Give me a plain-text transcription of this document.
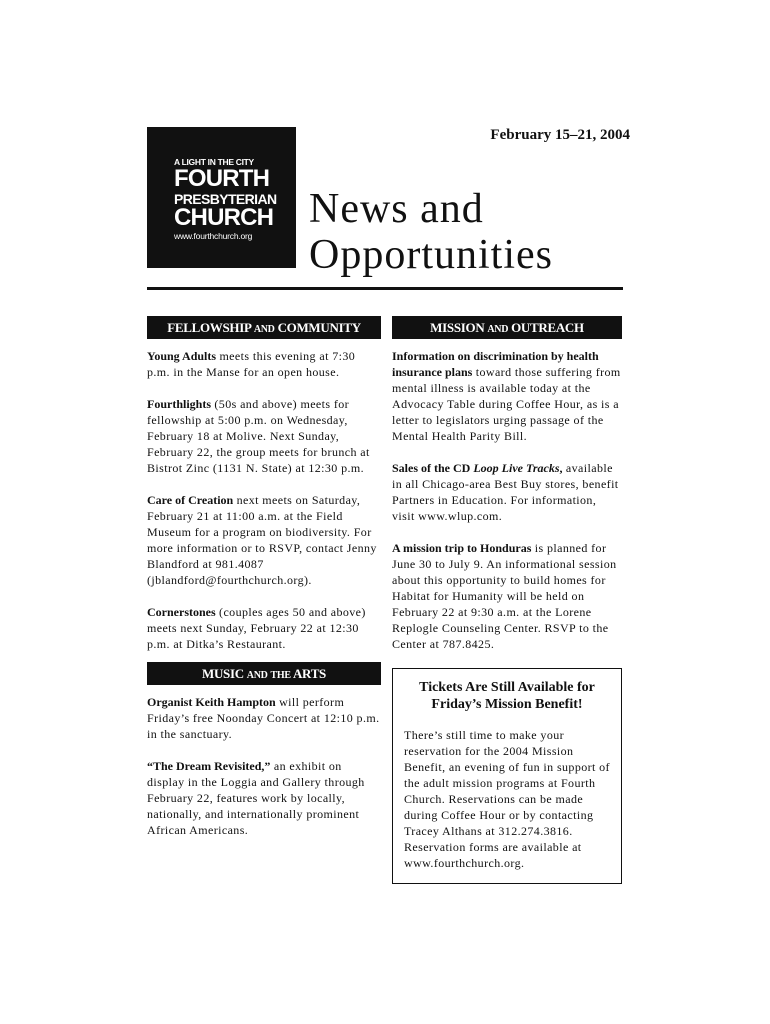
A LIGHT IN THE CITY
FOURTH
PRESBYTERIAN
CHURCH
www.fourthchurch.org
February 15–21, 2004
News and
Opportunities
FELLOWSHIP AND COMMUNITY

Young Adults meets this evening at 7:30 p.m. in the Manse for an open house.

Fourthlights (50s and above) meets for fellowship at 5:00 p.m. on Wednesday, February 18 at Molive. Next Sunday, February 22, the group meets for brunch at Bistrot Zinc (1131 N. State) at 12:30 p.m.

Care of Creation next meets on Saturday, February 21 at 11:00 a.m. at the Field Museum for a program on biodiversity. For more information or to RSVP, contact Jenny Blandford at 981.4087 (jblandford@fourthchurch.org).

Cornerstones (couples ages 50 and above) meets next Sunday, February 22 at 12:30 p.m. at Ditka’s Restaurant.

MUSIC AND THE ARTS

Organist Keith Hampton will perform Friday’s free Noonday Concert at 12:10 p.m. in the sanctuary.

“The Dream Revisited,” an exhibit on display in the Loggia and Gallery through February 22, features work by locally, nationally, and internationally prominent African Americans.

MISSION AND OUTREACH

Information on discrimination by health insurance plans toward those suffering from mental illness is available today at the Advocacy Table during Coffee Hour, as is a letter to legislators urging passage of the Mental Health Parity Bill.

Sales of the CD Loop Live Tracks, available in all Chicago-area Best Buy stores, benefit Partners in Education. For information, visit www.wlup.com.

A mission trip to Honduras is planned for June 30 to July 9. An informational session about this opportunity to build homes for Habitat for Humanity will be held on February 22 at 9:30 a.m. at the Lorene Replogle Counseling Center. RSVP to the Center at 787.8425.

Tickets Are Still Available for Friday’s Mission Benefit!
There’s still time to make your reservation for the 2004 Mission Benefit, an evening of fun in support of the adult mission programs at Fourth Church. Reservations can be made during Coffee Hour or by contacting Tracey Althans at 312.274.3816. Reservation forms are available at www.fourthchurch.org.
